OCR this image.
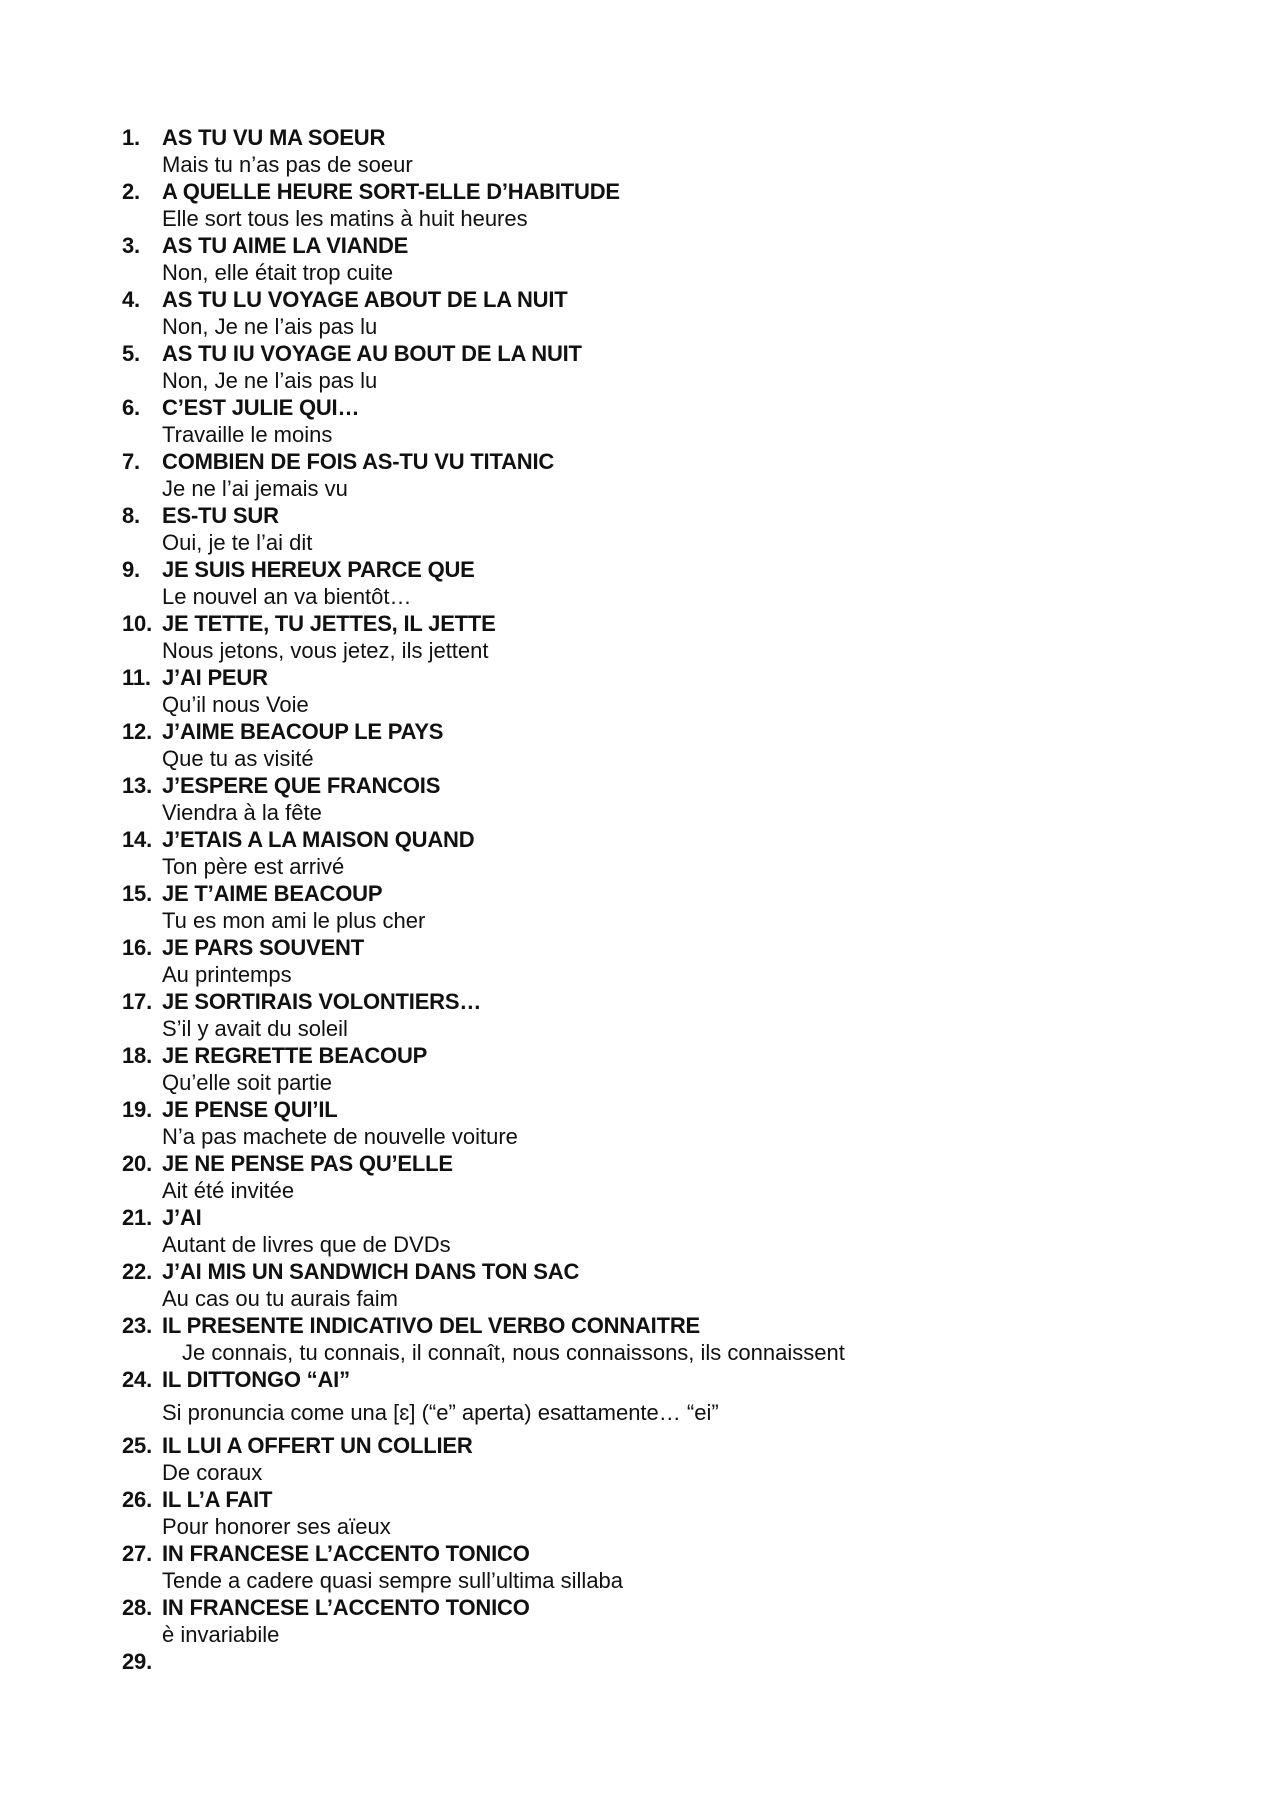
1.	AS TU VU MA SOEUR
Mais tu n’as pas de soeur
2.	A QUELLE HEURE SORT-ELLE D’HABITUDE
Elle sort tous les matins à huit heures
3.	AS TU AIME LA VIANDE
Non, elle était trop cuite
4.	AS TU LU VOYAGE ABOUT DE LA NUIT
Non, Je ne l’ais pas lu
5.	AS TU IU VOYAGE AU BOUT DE LA NUIT
Non, Je ne l’ais pas lu
6.	C’EST JULIE QUI…
Travaille le moins
7.	COMBIEN DE FOIS AS-TU VU TITANIC
Je ne l’ai jemais vu
8.	ES-TU SUR
Oui, je te l’ai dit
9.	JE SUIS HEREUX PARCE QUE
Le nouvel an va bientôt…
10. JE TETTE, TU JETTES, IL JETTE
Nous jetons, vous jetez, ils jettent
11. J’AI PEUR
Qu’il nous Voie
12. J’AIME BEACOUP LE PAYS
Que tu as visité
13. J’ESPERE QUE FRANCOIS
Viendra à la fête
14. J’ETAIS A LA MAISON QUAND
Ton père est arrivé
15. JE T’AIME BEACOUP
Tu es mon ami le plus cher
16. JE PARS SOUVENT
Au printemps
17. JE SORTIRAIS VOLONTIERS…
S’il y avait du soleil
18. JE REGRETTE BEACOUP
Qu’elle soit partie
19. JE PENSE QUI’IL
N’a pas machete de nouvelle voiture
20. JE NE PENSE PAS QU’ELLE
Ait été invitée
21. J’AI
Autant de livres que de DVDs
22. J’AI MIS UN SANDWICH DANS TON SAC
Au cas ou tu aurais faim
23. IL PRESENTE INDICATIVO DEL VERBO CONNAITRE
Je connais, tu connais, il connaît, nous connaissons, ils connaissent
24. IL DITTONGO “AI”
Si pronuncia come una [ɛ] (“e” aperta) esattamente… “ei”
25. IL LUI A OFFERT UN COLLIER
De coraux
26. IL L’A FAIT
Pour honorer ses aïeux
27. IN FRANCESE L’ACCENTO TONICO
Tende a cadere quasi sempre sull’ultima sillaba
28. IN FRANCESE L’ACCENTO TONICO
è invariabile
29.
